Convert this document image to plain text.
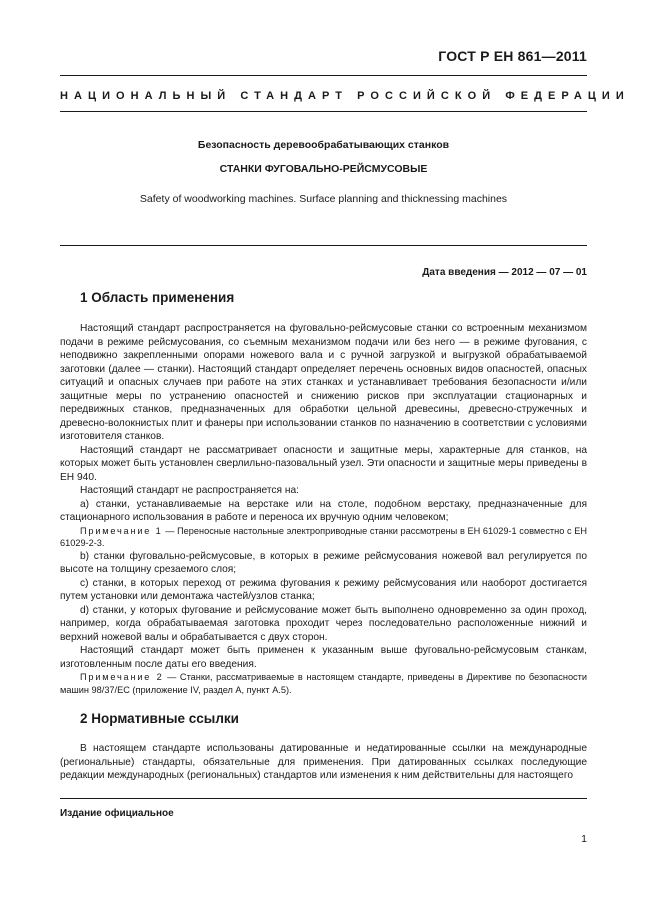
ГОСТ Р ЕН 861—2011
НАЦИОНАЛЬНЫЙ СТАНДАРТ РОССИЙСКОЙ ФЕДЕРАЦИИ
Безопасность деревообрабатывающих станков
СТАНКИ ФУГОВАЛЬНО-РЕЙСМУСОВЫЕ
Safety of woodworking machines. Surface planning and thicknessing machines
Дата введения — 2012 — 07 — 01
1 Область применения

Настоящий стандарт распространяется на фуговально-рейсмусовые станки со встроенным механизмом подачи в режиме рейсмусования, со съемным механизмом подачи или без него — в режиме фугования, с неподвижно закрепленными опорами ножевого вала и с ручной загрузкой и выгрузкой обрабатываемой заготовки (далее — станки). Настоящий стандарт определяет перечень основных видов опасностей, опасных ситуаций и опасных случаев при работе на этих станках и устанавливает требования безопасности и/или защитные меры по устранению опасностей и снижению рисков при эксплуатации стационарных и передвижных станков, предназначенных для обработки цельной древесины, древесно-стружечных и древесно-волокнистых плит и фанеры при использовании станков по назначению в соответствии с условиями изготовителя станков.

Настоящий стандарт не рассматривает опасности и защитные меры, характерные для станков, на которых может быть установлен сверлильно-пазовальный узел. Эти опасности и защитные меры приведены в ЕН 940.

Настоящий стандарт не распространяется на:

а) станки, устанавливаемые на верстаке или на столе, подобном верстаку, предназначенные для стационарного использования в работе и переноса их вручную одним человеком;

Примечание 1 — Переносные настольные электроприводные станки рассмотрены в ЕН 61029-1 совместно с ЕН 61029-2-3.

b) станки фуговально-рейсмусовые, в которых в режиме рейсмусования ножевой вал регулируется по высоте на толщину срезаемого слоя;

c) станки, в которых переход от режима фугования к режиму рейсмусования или наоборот достигается путем установки или демонтажа частей/узлов станка;

d) станки, у которых фугование и рейсмусование может быть выполнено одновременно за один проход, например, когда обрабатываемая заготовка проходит через последовательно расположенные нижний и верхний ножевой валы и обрабатывается с двух сторон.

Настоящий стандарт может быть применен к указанным выше фуговально-рейсмусовым станкам, изготовленным после даты его введения.

Примечание 2 — Станки, рассматриваемые в настоящем стандарте, приведены в Директиве по безопасности машин 98/37/ЕС (приложение IV, раздел А, пункт А.5).

2 Нормативные ссылки

В настоящем стандарте использованы датированные и недатированные ссылки на международные (региональные) стандарты, обязательные для применения. При датированных ссылках последующие редакции международных (региональных) стандартов или изменения к ним действительны для настоящего

Издание официальное
1
